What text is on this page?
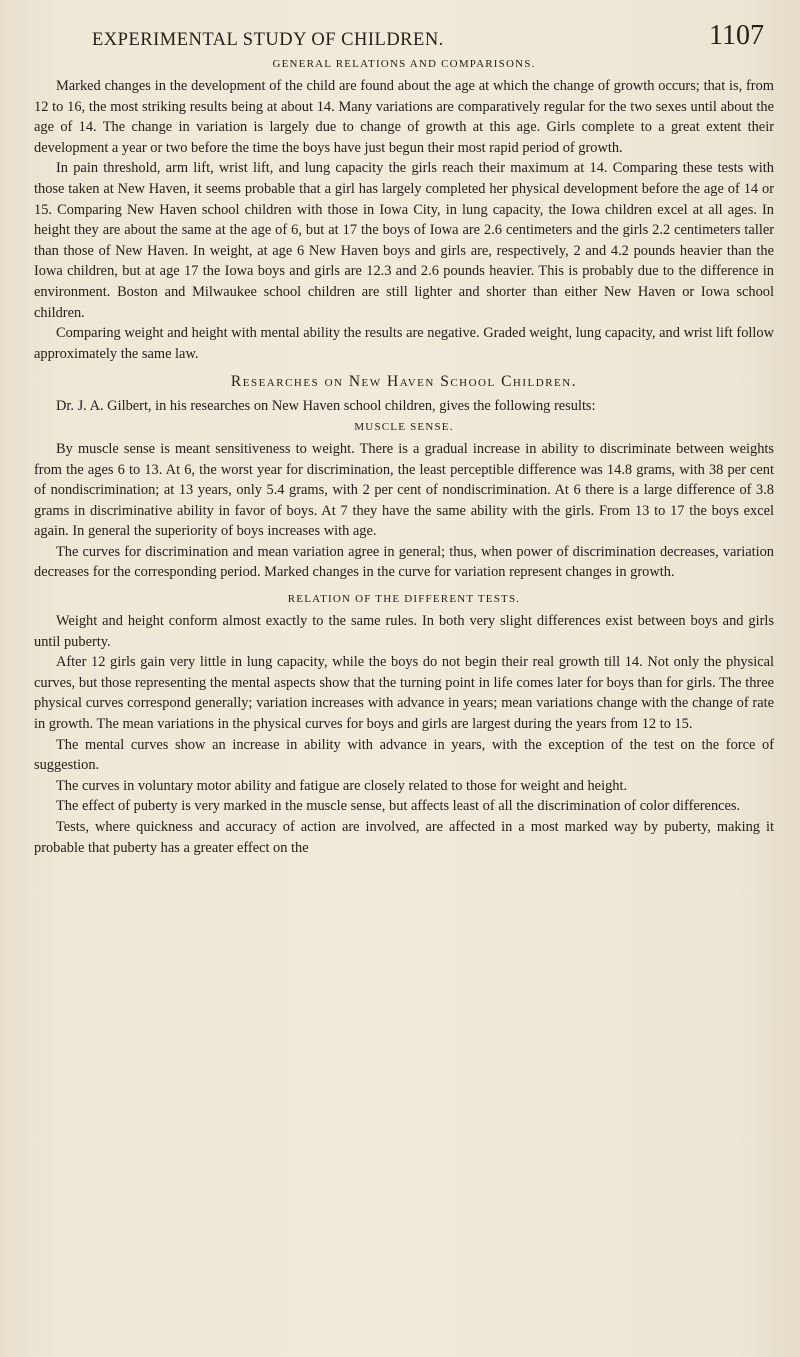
EXPERIMENTAL STUDY OF CHILDREN.	1107
GENERAL RELATIONS AND COMPARISONS.

Marked changes in the development of the child are found about the age at which the change of growth occurs; that is, from 12 to 16, the most striking results being at about 14. Many variations are comparatively regular for the two sexes until about the age of 14. The change in variation is largely due to change of growth at this age. Girls complete to a great extent their development a year or two before the time the boys have just begun their most rapid period of growth.

In pain threshold, arm lift, wrist lift, and lung capacity the girls reach their maximum at 14. Comparing these tests with those taken at New Haven, it seems probable that a girl has largely completed her physical development before the age of 14 or 15. Comparing New Haven school children with those in Iowa City, in lung capacity, the Iowa children excel at all ages. In height they are about the same at the age of 6, but at 17 the boys of Iowa are 2.6 centimeters and the girls 2.2 centimeters taller than those of New Haven. In weight, at age 6 New Haven boys and girls are, respectively, 2 and 4.2 pounds heavier than the Iowa children, but at age 17 the Iowa boys and girls are 12.3 and 2.6 pounds heavier. This is probably due to the difference in environment. Boston and Milwaukee school children are still lighter and shorter than either New Haven or Iowa school children.

Comparing weight and height with mental ability the results are negative. Graded weight, lung capacity, and wrist lift follow approximately the same law.

Researches on New Haven School Children.

Dr. J. A. Gilbert, in his researches on New Haven school children, gives the following results:

MUSCLE SENSE.

By muscle sense is meant sensitiveness to weight. There is a gradual increase in ability to discriminate between weights from the ages 6 to 13. At 6, the worst year for discrimination, the least perceptible difference was 14.8 grams, with 38 per cent of nondiscrimination; at 13 years, only 5.4 grams, with 2 per cent of nondiscrimination. At 6 there is a large difference of 3.8 grams in discriminative ability in favor of boys. At 7 they have the same ability with the girls. From 13 to 17 the boys excel again. In general the superiority of boys increases with age.

The curves for discrimination and mean variation agree in general; thus, when power of discrimination decreases, variation decreases for the corresponding period. Marked changes in the curve for variation represent changes in growth.

RELATION OF THE DIFFERENT TESTS.

Weight and height conform almost exactly to the same rules. In both very slight differences exist between boys and girls until puberty.

After 12 girls gain very little in lung capacity, while the boys do not begin their real growth till 14. Not only the physical curves, but those representing the mental aspects show that the turning point in life comes later for boys than for girls. The three physical curves correspond generally; variation increases with advance in years; mean variations change with the change of rate in growth. The mean variations in the physical curves for boys and girls are largest during the years from 12 to 15.

The mental curves show an increase in ability with advance in years, with the exception of the test on the force of suggestion.

The curves in voluntary motor ability and fatigue are closely related to those for weight and height.

The effect of puberty is very marked in the muscle sense, but affects least of all the discrimination of color differences.

Tests, where quickness and accuracy of action are involved, are affected in a most marked way by puberty, making it probable that puberty has a greater effect on the
